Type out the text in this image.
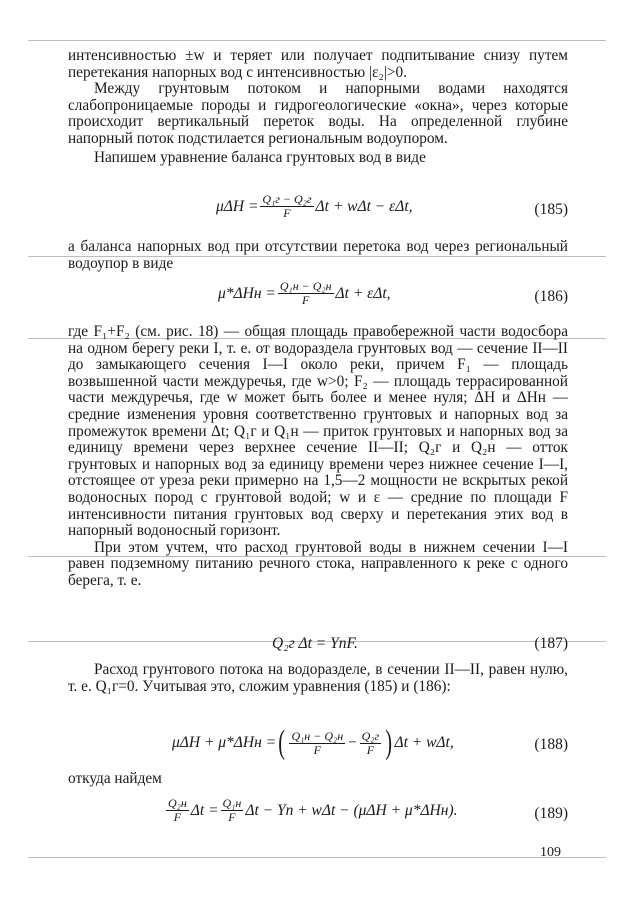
интенсивностью ±w и теряет или получает подпитывание снизу путем перетекания напорных вод с интенсивностью |ε₂|>0.

Между грунтовым потоком и напорными водами находятся слабопроницаемые породы и гидрогеологические «окна», через которые происходит вертикальный переток воды. На определенной глубине напорный поток подстилается региональным водоупором.

Напишем уравнение баланса грунтовых вод в виде

$\mu\Delta H = \frac{\text{Q₁г − Q₂г}}{F}$ Δt + wΔt − εΔt,	(185)

а баланса напорных вод при отсутствии перетока вод через региональный водоупор в виде

$\mu*\Delta Hн = \frac{\text{Q₁н − Q₂н}}{F}$ Δt + εΔt,	(186)

где F₁+F₂ (см. рис. 18) — общая площадь правобережной части водосбора на одном берегу реки I, т. е. от водораздела грунтовых вод — сечение II—II до замыкающего сечения I—I около реки, причем F₁ — площадь возвышенной части междуречья, где w>0; F₂ — площадь террасированной части междуречья, где w может быть более и менее нуля; ΔH и ΔHн — средние изменения уровня соответственно грунтовых и напорных вод за промежуток времени Δt; Q₁г и Q₁н — приток грунтовых и напорных вод за единицу времени через верхнее сечение II—II; Q₂г и Q₂н — отток грунтовых и напорных вод за единицу времени через нижнее сечение I—I, отстоящее от уреза реки примерно на 1,5—2 мощности не вскрытых рекой водоносных пород с грунтовой водой; w и ε — средние по площади F интенсивности питания грунтовых вод сверху и перетекания этих вод в напорный водоносный горизонт.

При этом учтем, что расход грунтовой воды в нижнем сечении I—I равен подземному питанию речного стока, направленного к реке с одного берега, т. е.

Q₂г Δt = YпF.	(187)

Расход грунтового потока на водоразделе, в сечении II—II, равен нулю, т. е. Q₁г=0. Учитывая это, сложим уравнения (185) и (186):

μΔH + μ*ΔHн = ( $\frac{\text{Q₁н − Q₂н}}{F} - \frac{\text{Q₂г}}{F}$ ) Δt + wΔt,	(188)

откуда найдем

$\frac{\text{Q₂н}}{F}$ $\Delta t = \frac{\text{Q₁н}}{F}$ Δt − Yп + wΔt − (μΔH + μ*ΔHн).	(189)
109
